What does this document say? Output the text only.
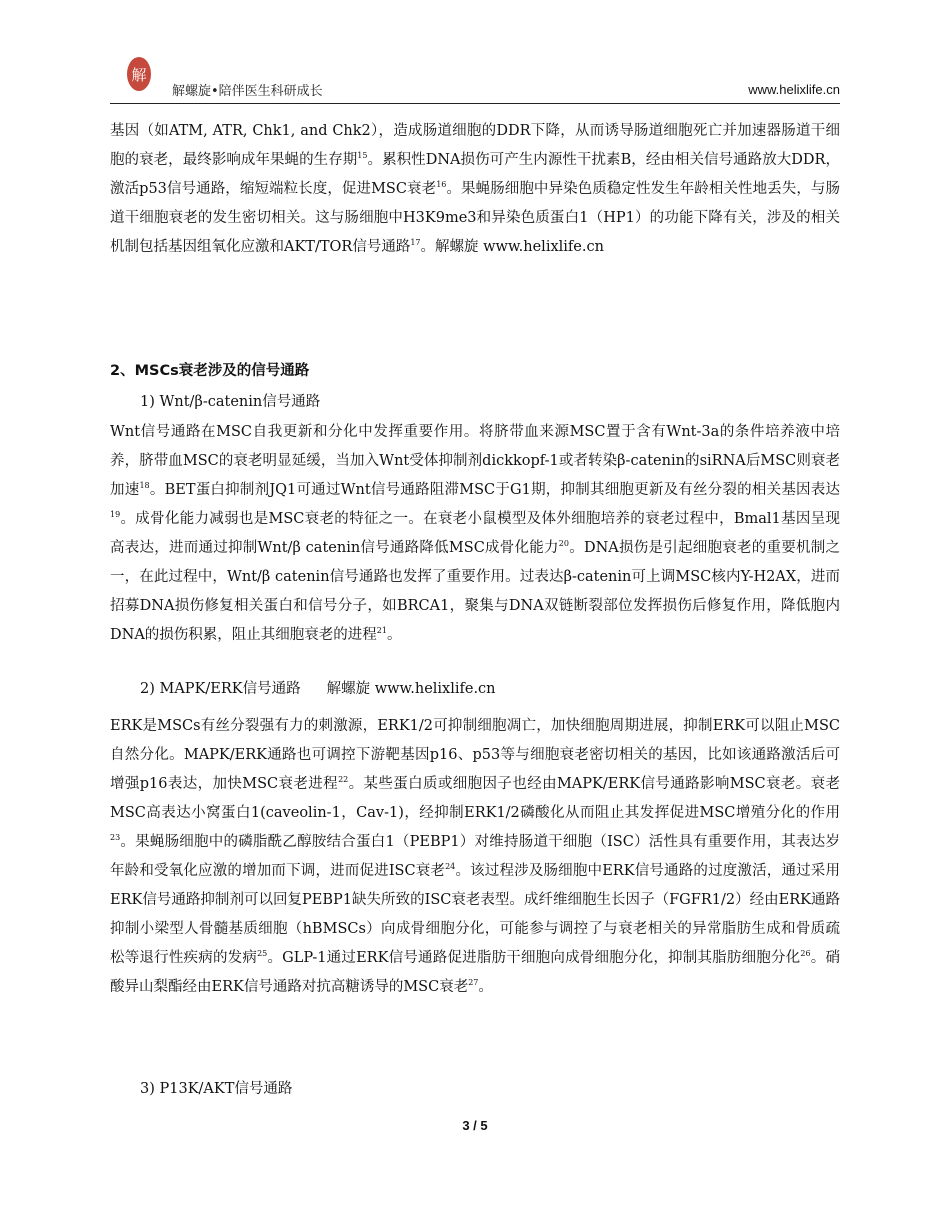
解
解螺旋•陪伴医生科研成长	www.helixlife.cn

基因（如ATM, ATR, Chk1, and Chk2），造成肠道细胞的DDR下降，从而诱导肠道细胞死亡并加速器肠道干细胞的衰老，最终影响成年果蝇的生存期$^{15}$。累积性DNA损伤可产生内源性干扰素B，经由相关信号通路放大DDR，激活p53信号通路，缩短端粒长度，促进MSC衰老$^{16}$。果蝇肠细胞中异染色质稳定性发生年龄相关性地丢失，与肠道干细胞衰老的发生密切相关。这与肠细胞中H3K9me3和异染色质蛋白1（HP1）的功能下降有关，涉及的相关机制包括基因组氧化应激和AKT/TOR信号通路$^{17}$。解螺旋 www.helixlife.cn

2、MSCs衰老涉及的信号通路

1) Wnt/β-catenin信号通路

Wnt信号通路在MSC自我更新和分化中发挥重要作用。将脐带血来源MSC置于含有Wnt-3a的条件培养液中培养，脐带血MSC的衰老明显延缓，当加入Wnt受体抑制剂dickkopf-1或者转染β-catenin的siRNA后MSC则衰老加速$^{18}$。BET蛋白抑制剂JQ1可通过Wnt信号通路阻滞MSC于G1期，抑制其细胞更新及有丝分裂的相关基因表达$^{19}$。成骨化能力减弱也是MSC衰老的特征之一。在衰老小鼠模型及体外细胞培养的衰老过程中，Bmal1基因呈现高表达，进而通过抑制Wnt/β catenin信号通路降低MSC成骨化能力$^{20}$。DNA损伤是引起细胞衰老的重要机制之一，在此过程中，Wnt/β catenin信号通路也发挥了重要作用。过表达β-catenin可上调MSC核内Y-H2AX，进而招募DNA损伤修复相关蛋白和信号分子，如BRCA1，聚集与DNA双链断裂部位发挥损伤后修复作用，降低胞内DNA的损伤积累，阻止其细胞衰老的进程$^{21}$。

2) MAPK/ERK信号通路 解螺旋 www.helixlife.cn

ERK是MSCs有丝分裂强有力的刺激源，ERK1/2可抑制细胞凋亡，加快细胞周期进展，抑制ERK可以阻止MSC自然分化。MAPK/ERK通路也可调控下游靶基因p16、p53等与细胞衰老密切相关的基因，比如该通路激活后可增强p16表达，加快MSC衰老进程$^{22}$。某些蛋白质或细胞因子也经由MAPK/ERK信号通路影响MSC衰老。衰老MSC高表达小窝蛋白1(caveolin-1，Cav-1)，经抑制ERK1/2磷酸化从而阻止其发挥促进MSC增殖分化的作用$^{23}$。果蝇肠细胞中的磷脂酰乙醇胺结合蛋白1（PEBP1）对维持肠道干细胞（ISC）活性具有重要作用，其表达岁年龄和受氧化应激的增加而下调，进而促进ISC衰老$^{24}$。该过程涉及肠细胞中ERK信号通路的过度激活，通过采用ERK信号通路抑制剂可以回复PEBP1缺失所致的ISC衰老表型。成纤维细胞生长因子（FGFR1/2）经由ERK通路抑制小梁型人骨髓基质细胞（hBMSCs）向成骨细胞分化，可能参与调控了与衰老相关的异常脂肪生成和骨质疏松等退行性疾病的发病$^{25}$。GLP-1通过ERK信号通路促进脂肪干细胞向成骨细胞分化，抑制其脂肪细胞分化$^{26}$。硝酸异山梨酯经由ERK信号通路对抗高糖诱导的MSC衰老$^{27}$。

3) P13K/AKT信号通路

3 / 5
